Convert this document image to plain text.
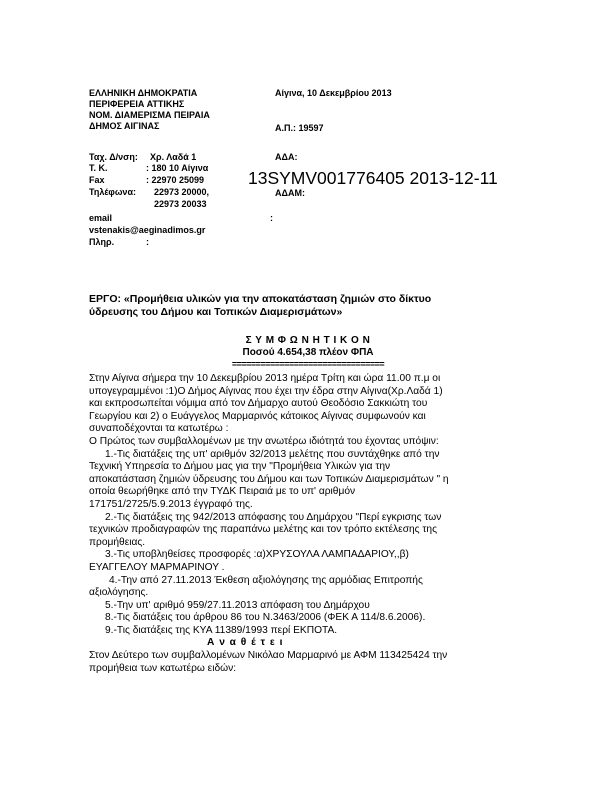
ΕΛΛΗΝΙΚΗ ΔΗΜΟΚΡΑΤΙΑ
ΠΕΡΙΦΕΡΕΙΑ ΑΤΤΙΚΗΣ
ΝΟΜ. ΔΙΑΜΕΡΙΣΜΑ ΠΕΙΡΑΙΑ
ΔΗΜΟΣ ΑΙΓΙΝΑΣ
Αίγινα, 10 Δεκεμβρίου 2013
Α.Π.: 19597
Ταχ. Δ/νση: Χρ. Λαδά 1
Τ. Κ.	: 180 10 Αίγινα
Fax	: 22970 25099
Τηλέφωνα: 22973 20000,
22973 20033
ΑΔΑ:
13SYMV001776405 2013-12-11
ΑΔΑΜ:
email	:
vstenakis@aeginadimos.gr
Πληρ.	:
ΕΡΓΟ: «Προμήθεια υλικών για την αποκατάσταση ζημιών στο δίκτυο
ύδρευσης του Δήμου και Τοπικών Διαμερισμάτων»
Σ Υ Μ Φ Ω Ν Η Τ Ι Κ Ο Ν
Ποσού 4.654,38 πλέον ΦΠΑ
================================
Στην Αίγινα σήμερα την 10 Δεκεμβρίου 2013 ημέρα Τρίτη και ώρα 11.00 π.μ οι
υπογεγραμμένοι :1)Ο Δήμος Αίγινας που έχει την έδρα στην Αίγινα(Χρ.Λαδά 1)
και εκπροσωπείται νόμιμα από τον Δήμαρχο αυτού Θεοδόσιο Σακκιώτη του
Γεωργίου και 2) ο Ευάγγελος Μαρμαρινός κάτοικος Αίγινας συμφωνούν και
συναποδέχονται τα κατωτέρω :
Ο Πρώτος των συμβαλλομένων με την ανωτέρω ιδιότητά του έχοντας υπόψιν:
1.-Τις διατάξεις της υπ' αριθμόν 32/2013 μελέτης που συντάχθηκε από την
Τεχνική Υπηρεσία το Δήμου μας για την "Προμήθεια Υλικών για την
αποκατάσταση ζημιών ύδρευσης του Δήμου και των Τοπικών Διαμερισμάτων " η
οποία θεωρήθηκε από την ΤΥΔΚ Πειραιά με το υπ' αριθμόν
171751/2725/5.9.2013 έγγραφό της.
2.-Τις διατάξεις της 942/2013 απόφασης του Δημάρχου "Περί εγκρισης των
τεχνικών προδιαγραφών της παραπάνω μελέτης και τον τρόπο εκτέλεσης της
προμήθειας.
3.-Τις υποβληθείσες προσφορές :α)ΧΡΥΣΟΥΛΑ ΛΑΜΠΑΔΑΡΙΟΥ,,β)
ΕΥΑΓΓΕΛΟΥ ΜΑΡΜΑΡΙΝΟΥ .
4.-Την από 27.11.2013 Έκθεση αξιολόγησης της αρμόδιας Επιτροπής
αξιολόγησης.
5.-Την υπ' αριθμό 959/27.11.2013 απόφαση του Δημάρχου
8.-Τις διατάξεις του άρθρου 86 του Ν.3463/2006 (ΦΕΚ Α 114/8.6.2006).
9.-Τις διατάξεις της ΚΥΑ 11389/1993 περί ΕΚΠΟΤΑ.
Α ν α θ έ τ ε ι
Στον Δεύτερο των συμβαλλομένων Νικόλαο Μαρμαρινό με ΑΦΜ 113425424 την
προμήθεια των κατωτέρω ειδών:
